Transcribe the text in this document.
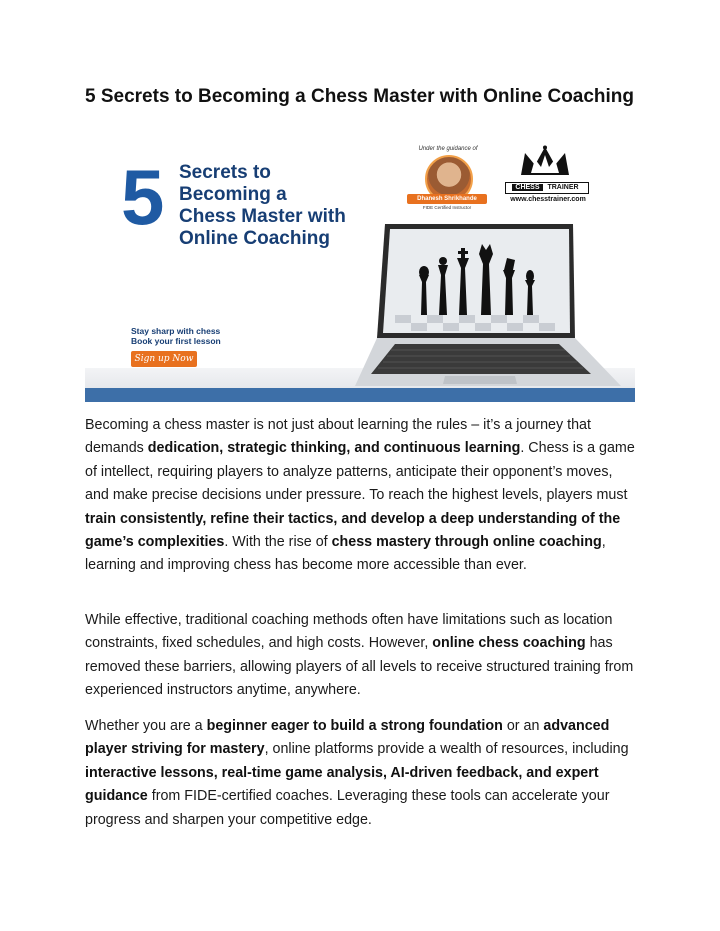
5 Secrets to Becoming a Chess Master with Online Coaching
5 Secrets to
Becoming a
Chess Master with
Online Coaching
Under the guidance of
Dhanesh Shrikhande
FIDE Certified Instructor
CHESS TRAINER
www.chesstrainer.com
Stay sharp with chess
Book your first lesson
Sign up Now

Becoming a chess master is not just about learning the rules – it’s a journey that demands dedication, strategic thinking, and continuous learning. Chess is a game of intellect, requiring players to analyze patterns, anticipate their opponent’s moves, and make precise decisions under pressure. To reach the highest levels, players must train consistently, refine their tactics, and develop a deep understanding of the game’s complexities. With the rise of chess mastery through online coaching, learning and improving chess has become more accessible than ever.

While effective, traditional coaching methods often have limitations such as location constraints, fixed schedules, and high costs. However, online chess coaching has removed these barriers, allowing players of all levels to receive structured training from experienced instructors anytime, anywhere.

Whether you are a beginner eager to build a strong foundation or an advanced player striving for mastery, online platforms provide a wealth of resources, including interactive lessons, real-time game analysis, AI-driven feedback, and expert guidance from FIDE-certified coaches. Leveraging these tools can accelerate your progress and sharpen your competitive edge.
